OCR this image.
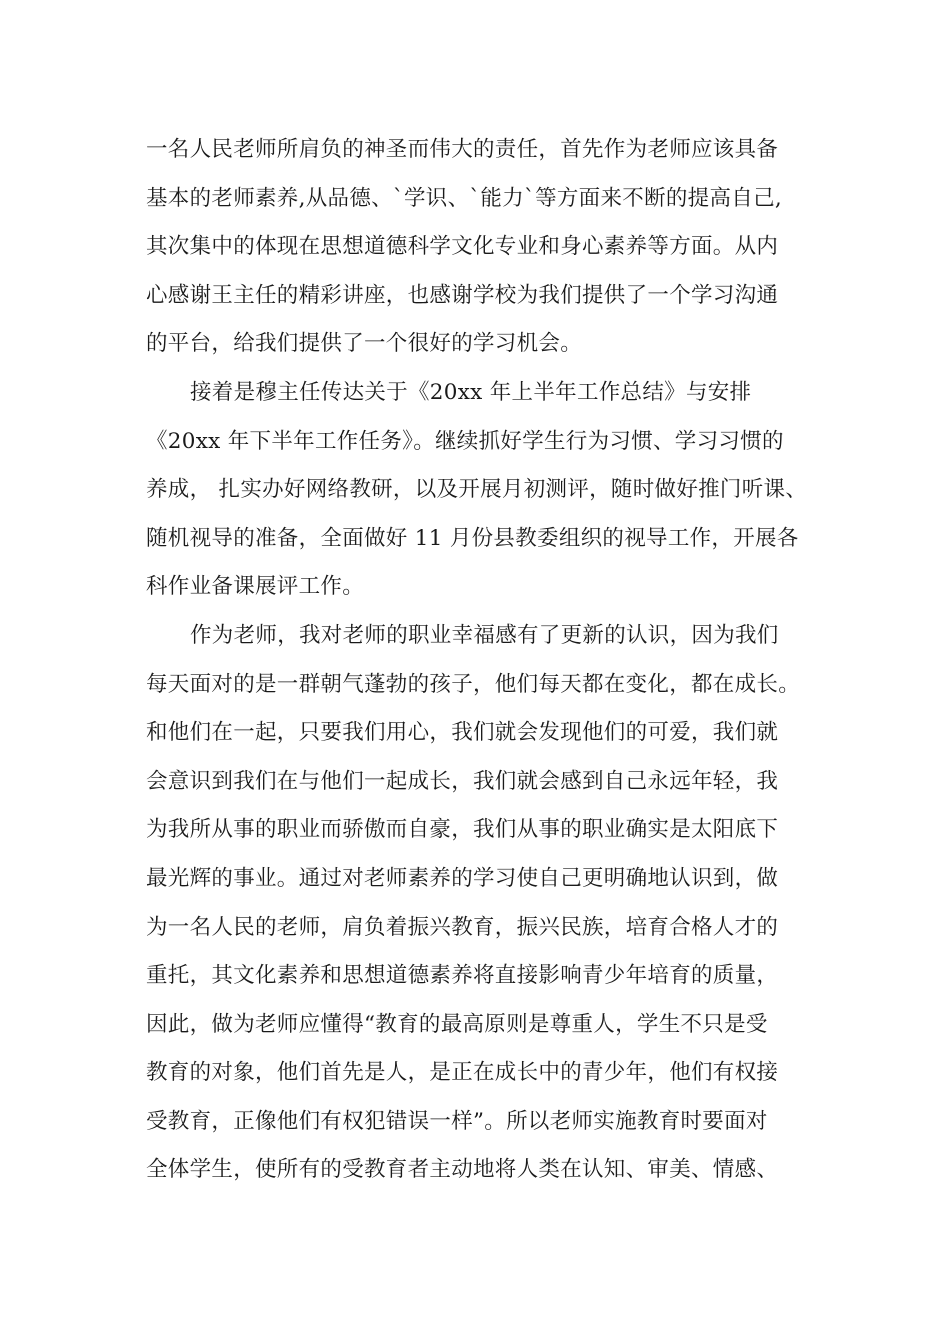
一名人民老师所肩负的神圣而伟大的责任，首先作为老师应该具备
基本的老师素养,从品德、`学识、`能力`等方面来不断的提高自己,
其次集中的体现在思想道德科学文化专业和身心素养等方面。从内
心感谢王主任的精彩讲座，也感谢学校为我们提供了一个学习沟通
的平台，给我们提供了一个很好的学习机会。
接着是穆主任传达关于《20xx 年上半年工作总结》与安排
《20xx 年下半年工作任务》。继续抓好学生行为习惯、学习习惯的
养成， 扎实办好网络教研，以及开展月初测评，随时做好推门听课、
随机视导的准备，全面做好 11 月份县教委组织的视导工作，开展各
科作业备课展评工作。
作为老师，我对老师的职业幸福感有了更新的认识，因为我们
每天面对的是一群朝气蓬勃的孩子，他们每天都在变化，都在成长。
和他们在一起，只要我们用心，我们就会发现他们的可爱，我们就
会意识到我们在与他们一起成长，我们就会感到自己永远年轻，我
为我所从事的职业而骄傲而自豪，我们从事的职业确实是太阳底下
最光辉的事业。通过对老师素养的学习使自己更明确地认识到，做
为一名人民的老师，肩负着振兴教育，振兴民族，培育合格人才的
重托，其文化素养和思想道德素养将直接影响青少年培育的质量，
因此，做为老师应懂得“教育的最高原则是尊重人，学生不只是受
教育的对象，他们首先是人，是正在成长中的青少年，他们有权接
受教育，正像他们有权犯错误一样”。所以老师实施教育时要面对
全体学生，使所有的受教育者主动地将人类在认知、审美、情感、
